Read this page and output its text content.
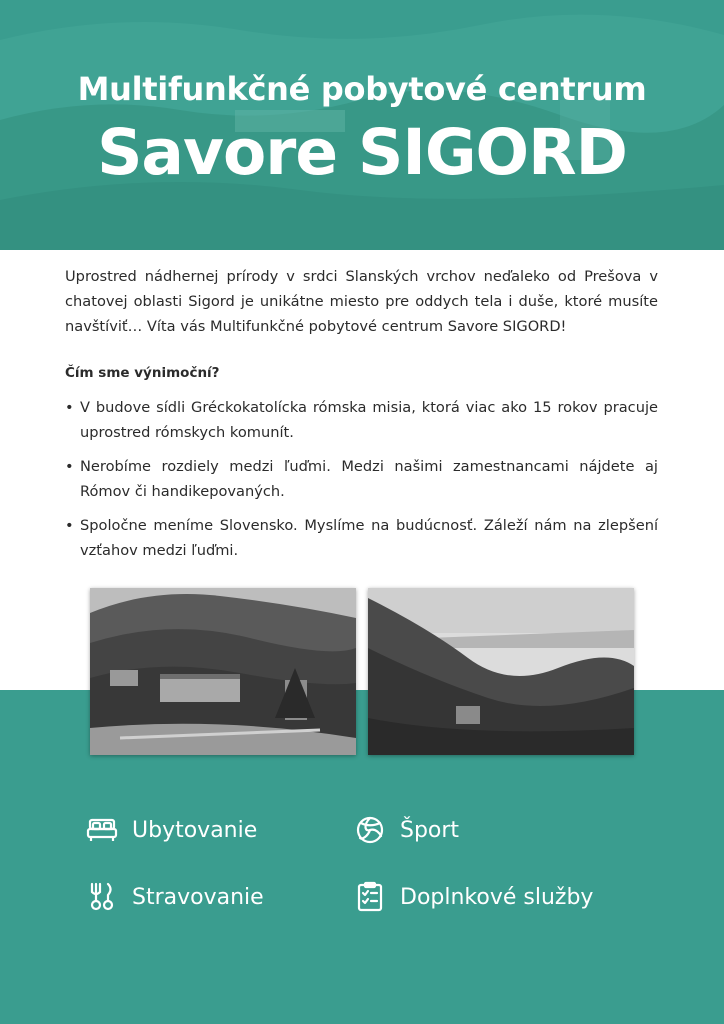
Multifunkčné pobytové centrum
Savore SIGORD

Uprostred nádhernej prírody v srdci Slanských vrchov neďaleko od Prešova v chatovej oblasti Sigord je unikátne miesto pre oddych tela i duše, ktoré musíte navštíviť… Víta vás Multifunkčné pobytové centrum Savore SIGORD!

Čím sme výnimoční?
• V budove sídli Gréckokatolícka rómska misia, ktorá viac ako 15 rokov pracuje uprostred rómskych komunít.
• Nerobíme rozdiely medzi ľuďmi. Medzi našimi zamestnancami nájdete aj Rómov či handikepovaných.
• Spoločne meníme Slovensko. Myslíme na budúcnosť. Záleží nám na zlepšení vzťahov medzi ľuďmi.
Ubytovanie	Šport
Stravovanie	Doplnkové služby
